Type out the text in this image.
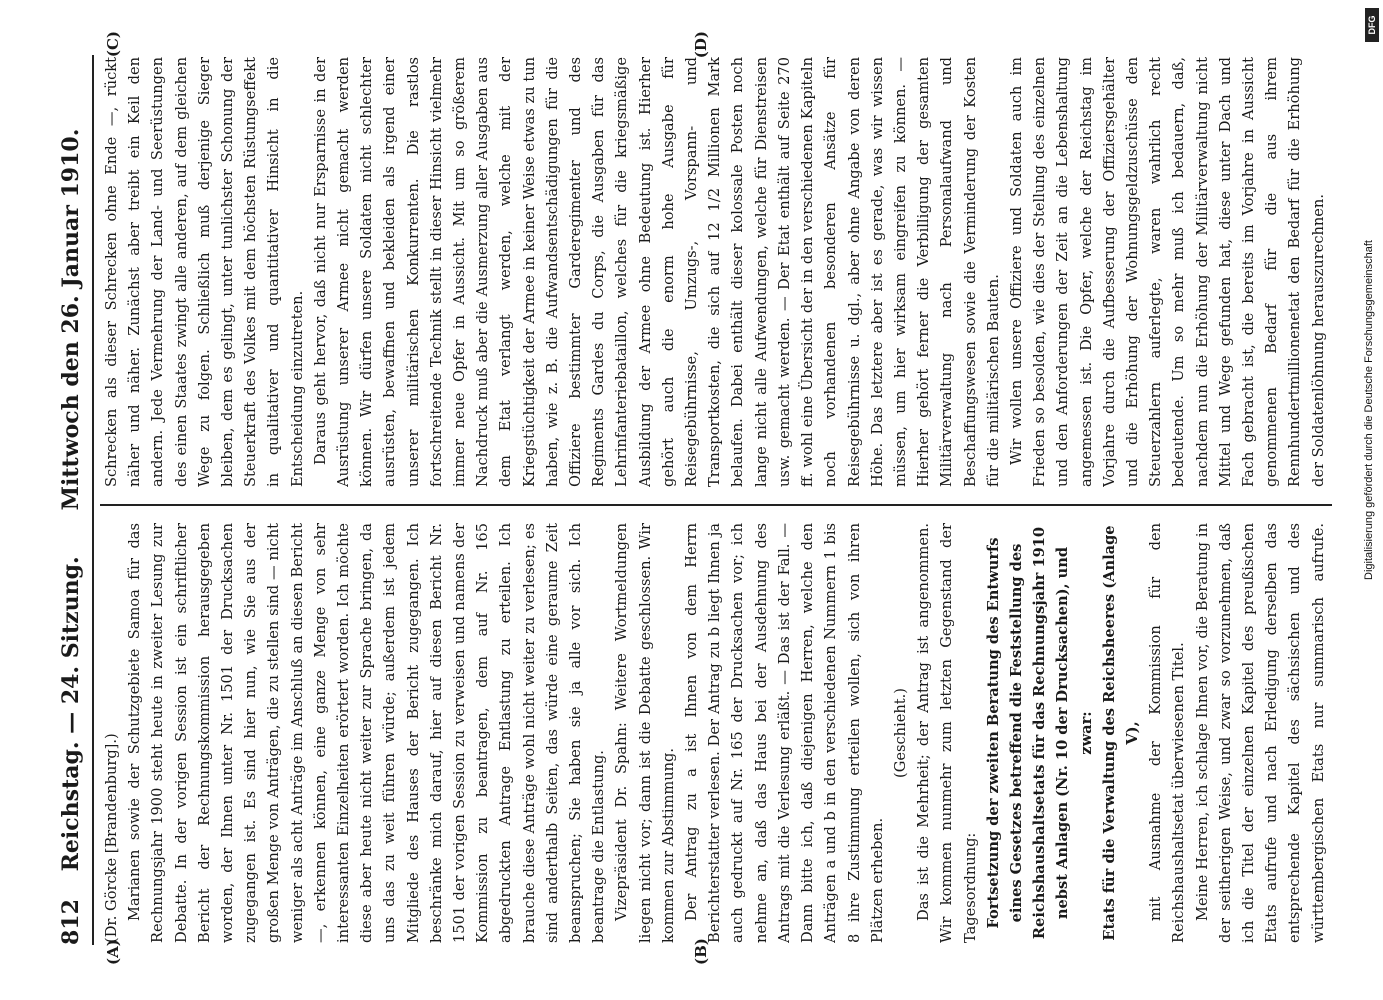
DFG
Digitalisierung gefördert durch die Deutsche Forschungsgemeinschaft
812
Reichstag. — 24. Sitzung.      Mittwoch den 26. Januar 1910.
(A)	(B)
(C)	(D)

(Dr. Görcke [Brandenburg].) Marianen sowie der Schutzgebiete Samoa für das Rechnungsjahr 1900 steht heute in zweiter Lesung zur Debatte. In der vorigen Session ist ein schriftlicher Bericht der Rechnungskommission herausgegeben worden, der Ihnen unter Nr. 1501 der Drucksachen zugegangen ist. Es sind hier nun, wie Sie aus der großen Menge von Anträgen, die zu stellen sind — nicht weniger als acht Anträge im Anschluß an diesen Bericht —, erkennen können, eine ganze Menge von sehr interessanten Einzelheiten erörtert worden. Ich möchte diese aber heute nicht weiter zur Sprache bringen, da uns das zu weit führen würde; außerdem ist jedem Mitgliede des Hauses der Bericht zugegangen. Ich beschränke mich darauf, hier auf diesen Bericht Nr. 1501 der vorigen Session zu verweisen und namens der Kommission zu beantragen, dem auf Nr. 165 abgedruckten Antrage Entlastung zu erteilen. Ich brauche diese Anträge wohl nicht weiter zu verlesen; es sind anderthalb Seiten, das würde eine geraume Zeit beanspruchen; Sie haben sie ja alle vor sich. Ich beantrage die Entlastung. Vizepräsident Dr. Spahn: Weitere Wortmeldungen liegen nicht vor; dann ist die Debatte geschlossen. Wir kommen zur Abstimmung. Der Antrag zu a ist Ihnen von dem Herrn Berichterstatter verlesen. Der Antrag zu b liegt Ihnen ja auch gedruckt auf Nr. 165 der Drucksachen vor; ich nehme an, daß das Haus bei der Ausdehnung des Antrags mit die Verlesung erläßt. — Das ist der Fall. — Dann bitte ich, daß diejenigen Herren, welche den Anträgen a und b in den verschiedenen Nummern 1 bis 8 ihre Zustimmung erteilen wollen, sich von ihren Plätzen erheben.

(Geschieht.) Das ist die Mehrheit; der Antrag ist angenommen. Wir kommen nunmehr zum letzten Gegenstand der Tagesordnung: Fortsetzung der zweiten Beratung des Entwurfs eines Gesetzes betreffend die Feststellung des Reichshaushaltsetats für das Rechnungsjahr 1910 nebst Anlagen (Nr. 10 der Drucksachen), und zwar: Etats für die Verwaltung des Reichsheeres (Anlage V), mit Ausnahme der Kommission für den Reichshaushaltsetat überwiesenen Titel. Meine Herren, ich schlage Ihnen vor, die Beratung in der seitherigen Weise, und zwar so vorzunehmen, daß ich die Titel der einzelnen Kapitel des preußischen Etats aufrufe und nach Erledigung derselben das entsprechende Kapitel des sächsischen und des württembergischen Etats nur summarisch aufrufe.

Schrecken als dieser Schrecken ohne Ende —, rückt näher und näher. Zunächst aber treibt ein Keil den andern. Jede Vermehrung der Land- und Seerüstungen des einen Staates zwingt alle anderen, auf dem gleichen Wege zu folgen. Schließlich muß derjenige Sieger bleiben, dem es gelingt, unter tunlichster Schonung der Steuerkraft des Volkes mit dem höchsten Rüstungseffekt in qualitativer und quantitativer Hinsicht in die Entscheidung einzutreten. Daraus geht hervor, daß nicht nur Ersparnisse in der Ausrüstung unserer Armee nicht gemacht werden können. Wir dürfen unsere Soldaten nicht schlechter ausrüsten, bewaffnen und bekleiden als irgend einer unserer militärischen Konkurrenten. Die rastlos fortschreitende Technik stellt in dieser Hinsicht vielmehr immer neue Opfer in Aussicht. Mit um so größerem Nachdruck muß aber die Ausmerzung aller Ausgaben aus dem Etat verlangt werden, welche mit der Kriegstüchtigkeit der Armee in keiner Weise etwas zu tun haben, wie z. B. die Aufwandsentschädigungen für die Offiziere bestimmter Garderegimenter und des Regiments Gardes du Corps, die Ausgaben für das Lehrinfanteriebataillon, welches für die kriegsmäßige Ausbildung der Armee ohne Bedeutung ist. Hierher gehört auch die enorm hohe Ausgabe für Reisegebührnisse, Umzugs-, Vorspann- und Transportkosten, die sich auf 12 1/2 Millionen Mark belaufen. Dabei enthält dieser kolossale Posten noch lange nicht alle Aufwendungen, welche für Dienstreisen usw. gemacht werden. — Der Etat enthält auf Seite 270 ff. wohl eine Übersicht der in den verschiedenen Kapiteln noch vorhandenen besonderen Ansätze für Reisegebührnisse u. dgl., aber ohne Angabe von deren Höhe. Das letztere aber ist es gerade, was wir wissen müssen, um hier wirksam eingreifen zu können. — Hierher gehört ferner die Verbilligung der gesamten Militärverwaltung nach Personalaufwand und Beschaffungswesen sowie die Verminderung der Kosten für die militärischen Bauten. Wir wollen unsere Offiziere und Soldaten auch im Frieden so besolden, wie dies der Stellung des einzelnen und den Anforderungen der Zeit an die Lebenshaltung angemessen ist. Die Opfer, welche der Reichstag im Vorjahre durch die Aufbesserung der Offiziersgehälter und die Erhöhung der Wohnungsgeldzuschüsse den Steuerzahlern auferlegte, waren wahrlich recht bedeutende. Um so mehr muß ich bedauern, daß, nachdem nun die Erhöhung der Militärverwaltung nicht Mittel und Wege gefunden hat, diese unter Dach und Fach gebracht ist, die bereits im Vorjahre in Aussicht genommenen Bedarf für die aus ihrem Rennhundertmillionenetat den Bedarf für die Erhöhung der Soldatenlöhnung herauszurechnen.
